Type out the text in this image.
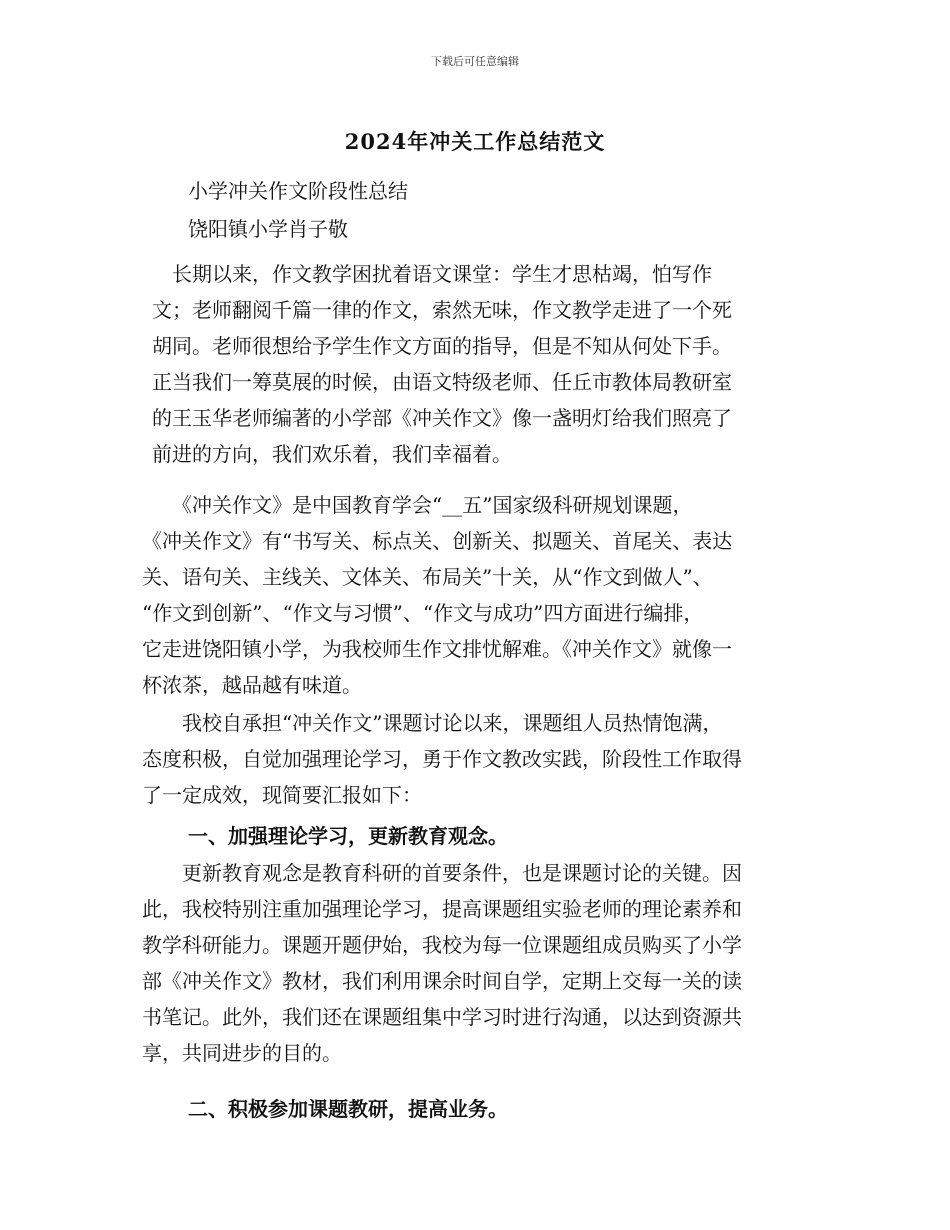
下载后可任意编辑
2024年冲关工作总结范文
小学冲关作文阶段性总结
饶阳镇小学肖子敬
　长期以来，作文教学困扰着语文课堂：学生才思枯竭，怕写作
文；老师翻阅千篇一律的作文，索然无味，作文教学走进了一个死
胡同。老师很想给予学生作文方面的指导，但是不知从何处下手。
正当我们一筹莫展的时候，由语文特级老师、任丘市教体局教研室
的王玉华老师编著的小学部《冲关作文》像一盏明灯给我们照亮了
前进的方向，我们欢乐着，我们幸福着。
　　《冲关作文》是中国教育学会“__五”国家级科研规划课题，
《冲关作文》有“书写关、标点关、创新关、拟题关、首尾关、表达
关、语句关、主线关、文体关、布局关”十关，从“作文到做人”、
“作文到创新”、“作文与习惯”、“作文与成功”四方面进行编排，
它走进饶阳镇小学，为我校师生作文排忧解难。《冲关作文》就像一
杯浓茶，越品越有味道。
　　我校自承担“冲关作文”课题讨论以来，课题组人员热情饱满，
态度积极，自觉加强理论学习，勇于作文教改实践，阶段性工作取得
了一定成效，现简要汇报如下：
一、加强理论学习，更新教育观念。
　　更新教育观念是教育科研的首要条件，也是课题讨论的关键。因
此，我校特别注重加强理论学习，提高课题组实验老师的理论素养和
教学科研能力。课题开题伊始，我校为每一位课题组成员购买了小学
部《冲关作文》教材，我们利用课余时间自学，定期上交每一关的读
书笔记。此外，我们还在课题组集中学习时进行沟通，以达到资源共
享，共同进步的目的。
二、积极参加课题教研，提高业务。
